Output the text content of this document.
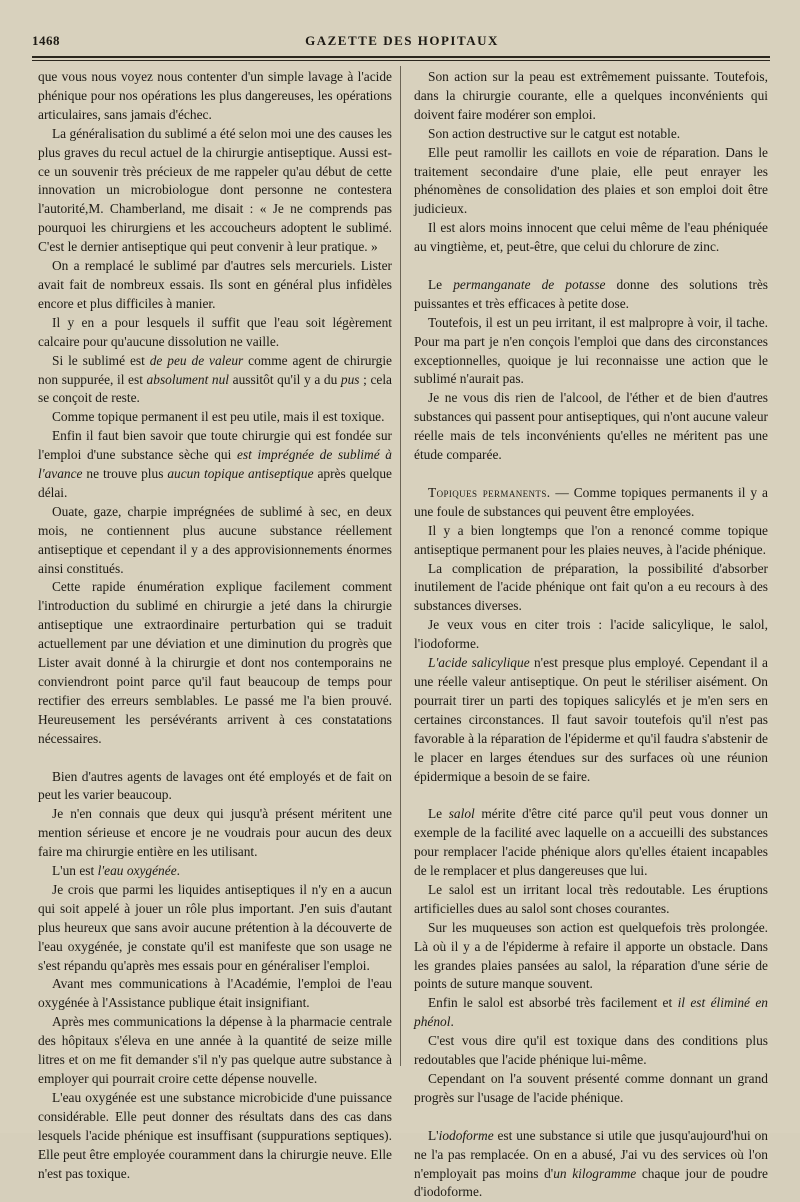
1468	GAZETTE DES HOPITAUX

que vous nous voyez nous contenter d'un simple lavage à l'acide phénique pour nos opérations les plus dangereuses, les opérations articulaires, sans jamais d'échec.

La généralisation du sublimé a été selon moi une des causes les plus graves du recul actuel de la chirurgie antiseptique. Aussi est-ce un souvenir très précieux de me rappeler qu'au début de cette innovation un microbiologue dont personne ne contestera l'autorité,M. Chamberland, me disait : « Je ne comprends pas pourquoi les chirurgiens et les accoucheurs adoptent le sublimé. C'est le dernier antiseptique qui peut convenir à leur pratique. »

On a remplacé le sublimé par d'autres sels mercuriels. Lister avait fait de nombreux essais. Ils sont en général plus infidèles encore et plus difficiles à manier.

Il y en a pour lesquels il suffit que l'eau soit légèrement calcaire pour qu'aucune dissolution ne vaille.

Si le sublimé est de peu de valeur comme agent de chirurgie non suppurée, il est absolument nul aussitôt qu'il y a du pus ; cela se conçoit de reste.

Comme topique permanent il est peu utile, mais il est toxique.

Enfin il faut bien savoir que toute chirurgie qui est fondée sur l'emploi d'une substance sèche qui est imprégnée de sublimé à l'avance ne trouve plus aucun topique antiseptique après quelque délai.

Ouate, gaze, charpie imprégnées de sublimé à sec, en deux mois, ne contiennent plus aucune substance réellement antiseptique et cependant il y a des approvisionnements énormes ainsi constitués.

Cette rapide énumération explique facilement comment l'introduction du sublimé en chirurgie a jeté dans la chirurgie antiseptique une extraordinaire perturbation qui se traduit actuellement par une déviation et une diminution du progrès que Lister avait donné à la chirurgie et dont nos contemporains ne conviendront point parce qu'il faut beaucoup de temps pour rectifier des erreurs semblables. Le passé me l'a bien prouvé. Heureusement les persévérants arrivent à ces constatations nécessaires.

Bien d'autres agents de lavages ont été employés et de fait on peut les varier beaucoup.

Je n'en connais que deux qui jusqu'à présent méritent une mention sérieuse et encore je ne voudrais pour aucun des deux faire ma chirurgie entière en les utilisant.

L'un est l'eau oxygénée.

Je crois que parmi les liquides antiseptiques il n'y en a aucun qui soit appelé à jouer un rôle plus important. J'en suis d'autant plus heureux que sans avoir aucune prétention à la découverte de l'eau oxygénée, je constate qu'il est manifeste que son usage ne s'est répandu qu'après mes essais pour en généraliser l'emploi.

Avant mes communications à l'Académie, l'emploi de l'eau oxygénée à l'Assistance publique était insignifiant.

Après mes communications la dépense à la pharmacie centrale des hôpitaux s'éleva en une année à la quantité de seize mille litres et on me fit demander s'il n'y pas quelque autre substance à employer qui pourrait croire cette dépense nouvelle.

L'eau oxygénée est une substance microbicide d'une puissance considérable. Elle peut donner des résultats dans des cas dans lesquels l'acide phénique est insuffisant (suppurations septiques). Elle peut être employée couramment dans la chirurgie neuve. Elle n'est pas toxique.

Son action sur la peau est extrêmement puissante. Toutefois, dans la chirurgie courante, elle a quelques inconvénients qui doivent faire modérer son emploi.

Son action destructive sur le catgut est notable.

Elle peut ramollir les caillots en voie de réparation. Dans le traitement secondaire d'une plaie, elle peut enrayer les phénomènes de consolidation des plaies et son emploi doit être judicieux.

Il est alors moins innocent que celui même de l'eau phéniquée au vingtième, et, peut-être, que celui du chlorure de zinc.

Le permanganate de potasse donne des solutions très puissantes et très efficaces à petite dose.

Toutefois, il est un peu irritant, il est malpropre à voir, il tache. Pour ma part je n'en conçois l'emploi que dans des circonstances exceptionnelles, quoique je lui reconnaisse une action que le sublimé n'aurait pas.

Je ne vous dis rien de l'alcool, de l'éther et de bien d'autres substances qui passent pour antiseptiques, qui n'ont aucune valeur réelle mais de tels inconvénients qu'elles ne méritent pas une étude comparée.

Topiques permanents. — Comme topiques permanents il y a une foule de substances qui peuvent être employées.

Il y a bien longtemps que l'on a renoncé comme topique antiseptique permanent pour les plaies neuves, à l'acide phénique.

La complication de préparation, la possibilité d'absorber inutilement de l'acide phénique ont fait qu'on a eu recours à des substances diverses.

Je veux vous en citer trois : l'acide salicylique, le salol, l'iodoforme.

L'acide salicylique n'est presque plus employé. Cependant il a une réelle valeur antiseptique. On peut le stériliser aisément. On pourrait tirer un parti des topiques salicylés et je m'en sers en certaines circonstances. Il faut savoir toutefois qu'il n'est pas favorable à la réparation de l'épiderme et qu'il faudra s'abstenir de le placer en larges étendues sur des surfaces où une réunion épidermique a besoin de se faire.

Le salol mérite d'être cité parce qu'il peut vous donner un exemple de la facilité avec laquelle on a accueilli des substances pour remplacer l'acide phénique alors qu'elles étaient incapables de le remplacer et plus dangereuses que lui.

Le salol est un irritant local très redoutable. Les éruptions artificielles dues au salol sont choses courantes.

Sur les muqueuses son action est quelquefois très prolongée. Là où il y a de l'épiderme à refaire il apporte un obstacle. Dans les grandes plaies pansées au salol, la réparation d'une série de points de suture manque souvent.

Enfin le salol est absorbé très facilement et il est éliminé en phénol.

C'est vous dire qu'il est toxique dans des conditions plus redoutables que l'acide phénique lui-même.

Cependant on l'a souvent présenté comme donnant un grand progrès sur l'usage de l'acide phénique.

L'iodoforme est une substance si utile que jusqu'aujourd'hui on ne l'a pas remplacée. On en a abusé, J'ai vu des services où l'on n'employait pas moins d'un kilogramme chaque jour de poudre d'iodoforme.
